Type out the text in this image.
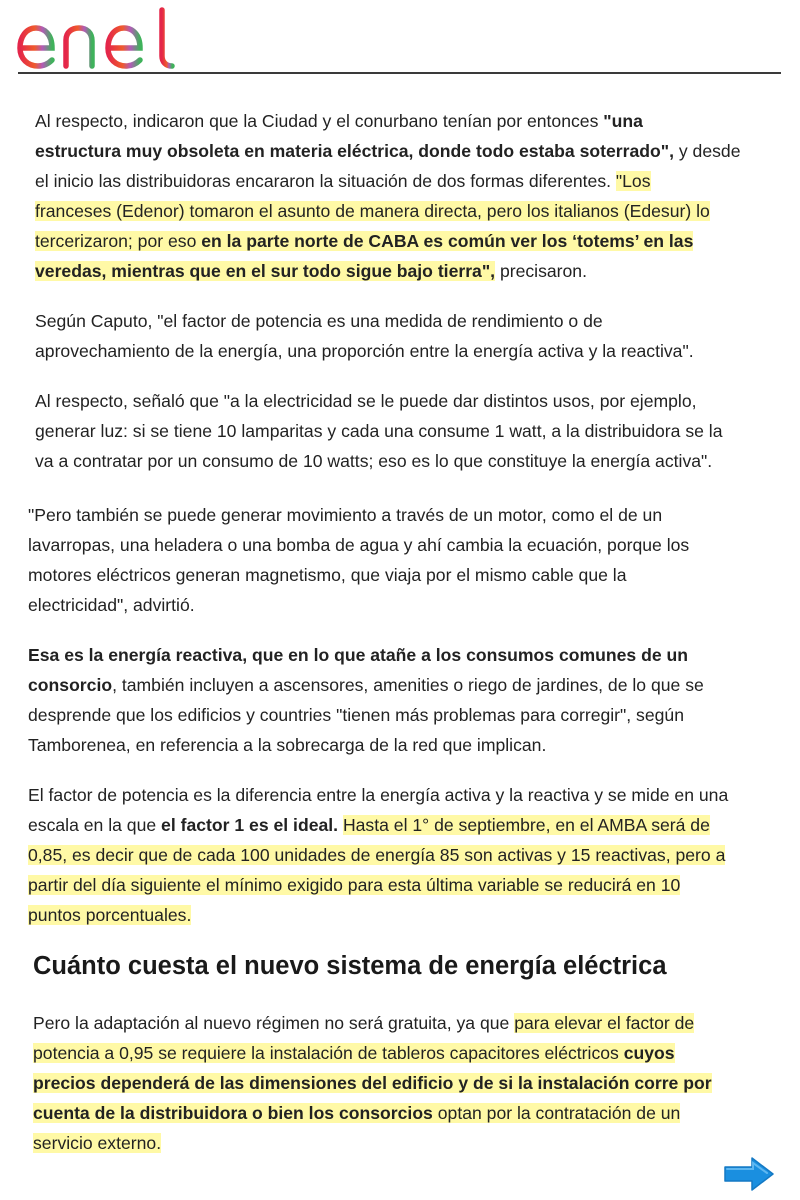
Al respecto, indicaron que la Ciudad y el conurbano tenían por entonces "una
estructura muy obsoleta en materia eléctrica, donde todo estaba soterrado", y desde
el inicio las distribuidoras encararon la situación de dos formas diferentes. "Los
franceses (Edenor) tomaron el asunto de manera directa, pero los italianos (Edesur) lo
tercerizaron; por eso en la parte norte de CABA es común ver los ‘totems’ en las
veredas, mientras que en el sur todo sigue bajo tierra", precisaron.

Según Caputo, "el factor de potencia es una medida de rendimiento o de
aprovechamiento de la energía, una proporción entre la energía activa y la reactiva".

Al respecto, señaló que "a la electricidad se le puede dar distintos usos, por ejemplo,
generar luz: si se tiene 10 lamparitas y cada una consume 1 watt, a la distribuidora se la
va a contratar por un consumo de 10 watts; eso es lo que constituye la energía activa".

"Pero también se puede generar movimiento a través de un motor, como el de un
lavarropas, una heladera o una bomba de agua y ahí cambia la ecuación, porque los
motores eléctricos generan magnetismo, que viaja por el mismo cable que la
electricidad", advirtió.

Esa es la energía reactiva, que en lo que atañe a los consumos comunes de un
consorcio, también incluyen a ascensores, amenities o riego de jardines, de lo que se
desprende que los edificios y countries "tienen más problemas para corregir", según
Tamborenea, en referencia a la sobrecarga de la red que implican.

El factor de potencia es la diferencia entre la energía activa y la reactiva y se mide en una
escala en la que el factor 1 es el ideal. Hasta el 1° de septiembre, en el AMBA será de
0,85, es decir que de cada 100 unidades de energía 85 son activas y 15 reactivas, pero a
partir del día siguiente el mínimo exigido para esta última variable se reducirá en 10
puntos porcentuales.

Cuánto cuesta el nuevo sistema de energía eléctrica

Pero la adaptación al nuevo régimen no será gratuita, ya que para elevar el factor de
potencia a 0,95 se requiere la instalación de tableros capacitores eléctricos cuyos
precios dependerá de las dimensiones del edificio y de si la instalación corre por
cuenta de la distribuidora o bien los consorcios optan por la contratación de un
servicio externo.
